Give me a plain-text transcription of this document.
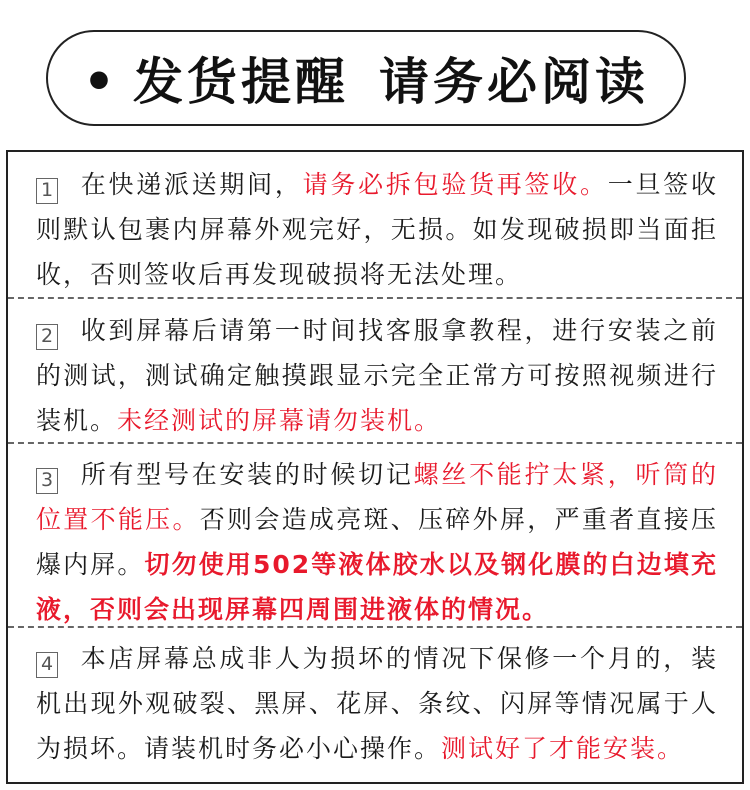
• 发货提醒 请务必阅读

1 在快递派送期间，请务必拆包验货再签收。一旦签收则默认包裹内屏幕外观完好，无损。如发现破损即当面拒收，否则签收后再发现破损将无法处理。

2 收到屏幕后请第一时间找客服拿教程，进行安装之前的测试，测试确定触摸跟显示完全正常方可按照视频进行装机。未经测试的屏幕请勿装机。

3 所有型号在安装的时候切记螺丝不能拧太紧，听筒的位置不能压。否则会造成亮斑、压碎外屏，严重者直接压爆内屏。切勿使用502等液体胶水以及钢化膜的白边填充液，否则会出现屏幕四周围进液体的情况。

4 本店屏幕总成非人为损坏的情况下保修一个月的，装机出现外观破裂、黑屏、花屏、条纹、闪屏等情况属于人为损坏。请装机时务必小心操作。测试好了才能安装。
